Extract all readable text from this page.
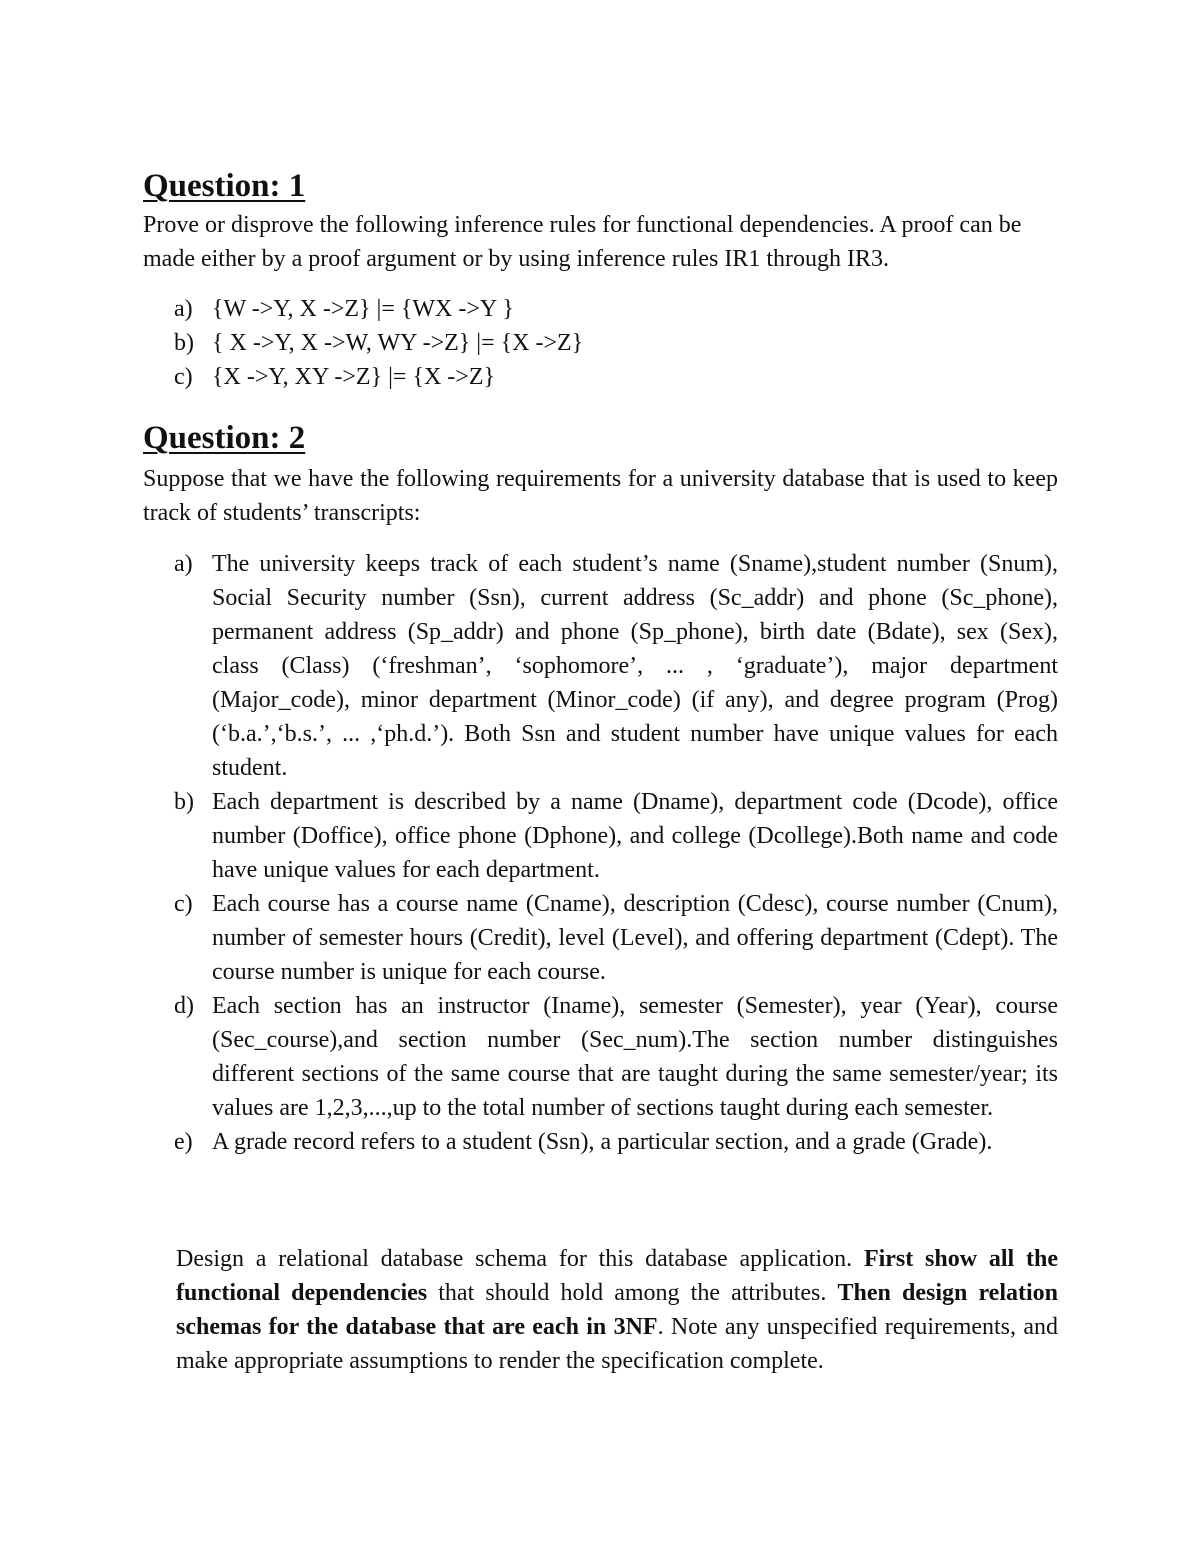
Question: 1

Prove or disprove the following inference rules for functional dependencies. A proof can be made either by a proof argument or by using inference rules IR1 through IR3.

a) {W ->Y, X ->Z} |= {WX ->Y }
b) { X ->Y, X ->W, WY ->Z} |= {X ->Z}
c) {X ->Y, XY ->Z} |= {X ->Z}
Question: 2

Suppose that we have the following requirements for a university database that is used to keep track of students’ transcripts:

a) The university keeps track of each student’s name (Sname),student number (Snum), Social Security number (Ssn), current address (Sc_addr) and phone (Sc_phone), permanent address (Sp_addr) and phone (Sp_phone), birth date (Bdate), sex (Sex), class (Class) (‘freshman’, ‘sophomore’, ... , ‘graduate’), major department (Major_code), minor department (Minor_code) (if any), and degree program (Prog) (‘b.a.’,‘b.s.’, ... ,‘ph.d.’). Both Ssn and student number have unique values for each student.
b) Each department is described by a name (Dname), department code (Dcode), office number (Doffice), office phone (Dphone), and college (Dcollege).Both name and code have unique values for each department.
c) Each course has a course name (Cname), description (Cdesc), course number (Cnum), number of semester hours (Credit), level (Level), and offering department (Cdept). The course number is unique for each course.
d) Each section has an instructor (Iname), semester (Semester), year (Year), course (Sec_course),and section number (Sec_num).The section number distinguishes different sections of the same course that are taught during the same semester/year; its values are 1,2,3,...,up to the total number of sections taught during each semester.
e) A grade record refers to a student (Ssn), a particular section, and a grade (Grade).

Design a relational database schema for this database application. First show all the functional dependencies that should hold among the attributes. Then design relation schemas for the database that are each in 3NF. Note any unspecified requirements, and make appropriate assumptions to render the specification complete.
